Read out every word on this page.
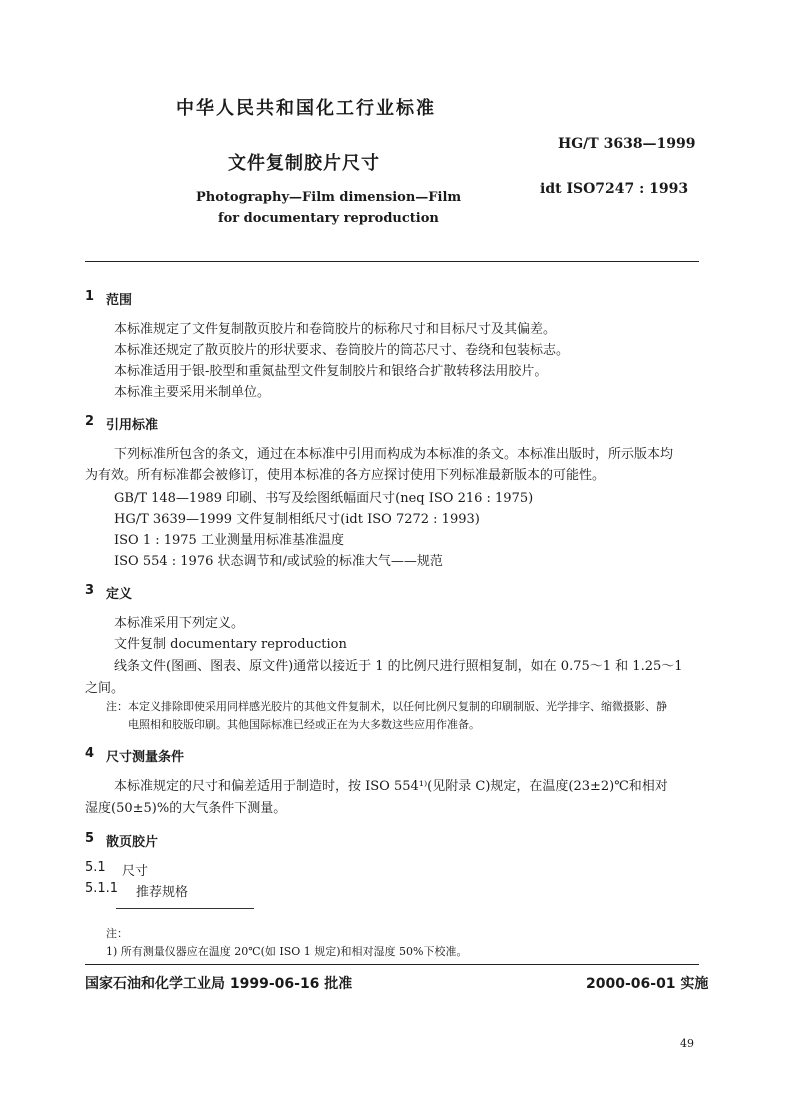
中华人民共和国化工行业标准
HG/T 3638—1999
文件复制胶片尺寸
Photography—Film dimension—Film
for documentary reproduction
idt ISO7247 : 1993
1 范围
本标准规定了文件复制散页胶片和卷筒胶片的标称尺寸和目标尺寸及其偏差。
本标准还规定了散页胶片的形状要求、卷筒胶片的筒芯尺寸、卷绕和包装标志。
本标准适用于银-胶型和重氮盐型文件复制胶片和银络合扩散转移法用胶片。
本标准主要采用米制单位。
2 引用标准
下列标准所包含的条文，通过在本标准中引用而构成为本标准的条文。本标准出版时，所示版本均
为有效。所有标准都会被修订，使用本标准的各方应探讨使用下列标准最新版本的可能性。
GB/T 148—1989 印刷、书写及绘图纸幅面尺寸(neq ISO 216 : 1975)
HG/T 3639—1999 文件复制相纸尺寸(idt ISO 7272 : 1993)
ISO 1 : 1975 工业测量用标准基准温度
ISO 554 : 1976 状态调节和/或试验的标准大气——规范
3 定义
本标准采用下列定义。
文件复制 documentary reproduction
线条文件(图画、图表、原文件)通常以接近于 1 的比例尺进行照相复制，如在 0.75～1 和 1.25～1
之间。
注：本定义排除即使采用同样感光胶片的其他文件复制术，以任何比例尺复制的印刷制版、光学排字、缩微摄影、静
电照相和胶版印刷。其他国际标准已经或正在为大多数这些应用作准备。
4 尺寸测量条件
本标准规定的尺寸和偏差适用于制造时，按 ISO 554¹⁾(见附录 C)规定，在温度(23±2)℃和相对
湿度(50±5)%的大气条件下测量。
5 散页胶片
5.1 尺寸
5.1.1 推荐规格
注：
1) 所有测量仪器应在温度 20℃(如 ISO 1 规定)和相对湿度 50%下校准。
国家石油和化学工业局 1999-06-16 批准	2000-06-01 实施
49
